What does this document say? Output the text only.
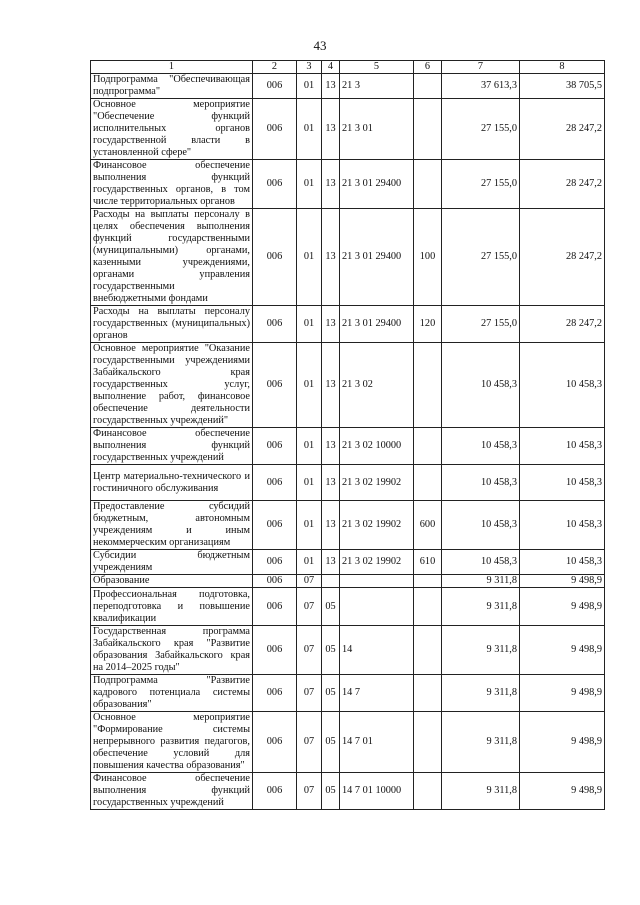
43
1	2	3	4	5	6	7	8
Подпрограмма "Обеспечивающая подпрограмма"	006	01	13	21 3		37 613,3	38 705,5
Основное мероприятие "Обеспечение функций исполнительных органов государственной власти в установленной сфере"	006	01	13	21 3 01		27 155,0	28 247,2
Финансовое обеспечение выполнения функций государственных органов, в том числе территориальных органов	006	01	13	21 3 01 29400		27 155,0	28 247,2
Расходы на выплаты персоналу в целях обеспечения выполнения функций государственными (муниципальными) органами, казенными учреждениями, органами управления государственными внебюджетными фондами	006	01	13	21 3 01 29400	100	27 155,0	28 247,2
Расходы на выплаты персоналу государственных (муниципальных) органов	006	01	13	21 3 01 29400	120	27 155,0	28 247,2
Основное мероприятие "Оказание государственными учреждениями Забайкальского края государственных услуг, выполнение работ, финансовое обеспечение деятельности государственных учреждений"	006	01	13	21 3 02		10 458,3	10 458,3
Финансовое обеспечение выполнения функций государственных учреждений	006	01	13	21 3 02 10000		10 458,3	10 458,3
Центр материально-технического и гостиничного обслуживания	006	01	13	21 3 02 19902		10 458,3	10 458,3
Предоставление субсидий бюджетным, автономным учреждениям и иным некоммерческим организациям	006	01	13	21 3 02 19902	600	10 458,3	10 458,3
Субсидии бюджетным учреждениям	006	01	13	21 3 02 19902	610	10 458,3	10 458,3
Образование	006	07				9 311,8	9 498,9
Профессиональная подготовка, переподготовка и повышение квалификации	006	07	05			9 311,8	9 498,9
Государственная программа Забайкальского края "Развитие образования Забайкальского края на 2014–2025 годы"	006	07	05	14		9 311,8	9 498,9
Подпрограмма "Развитие кадрового потенциала системы образования"	006	07	05	14 7		9 311,8	9 498,9
Основное мероприятие "Формирование системы непрерывного развития педагогов, обеспечение условий для повышения качества образования"	006	07	05	14 7 01		9 311,8	9 498,9
Финансовое обеспечение выполнения функций государственных учреждений	006	07	05	14 7 01 10000		9 311,8	9 498,9
